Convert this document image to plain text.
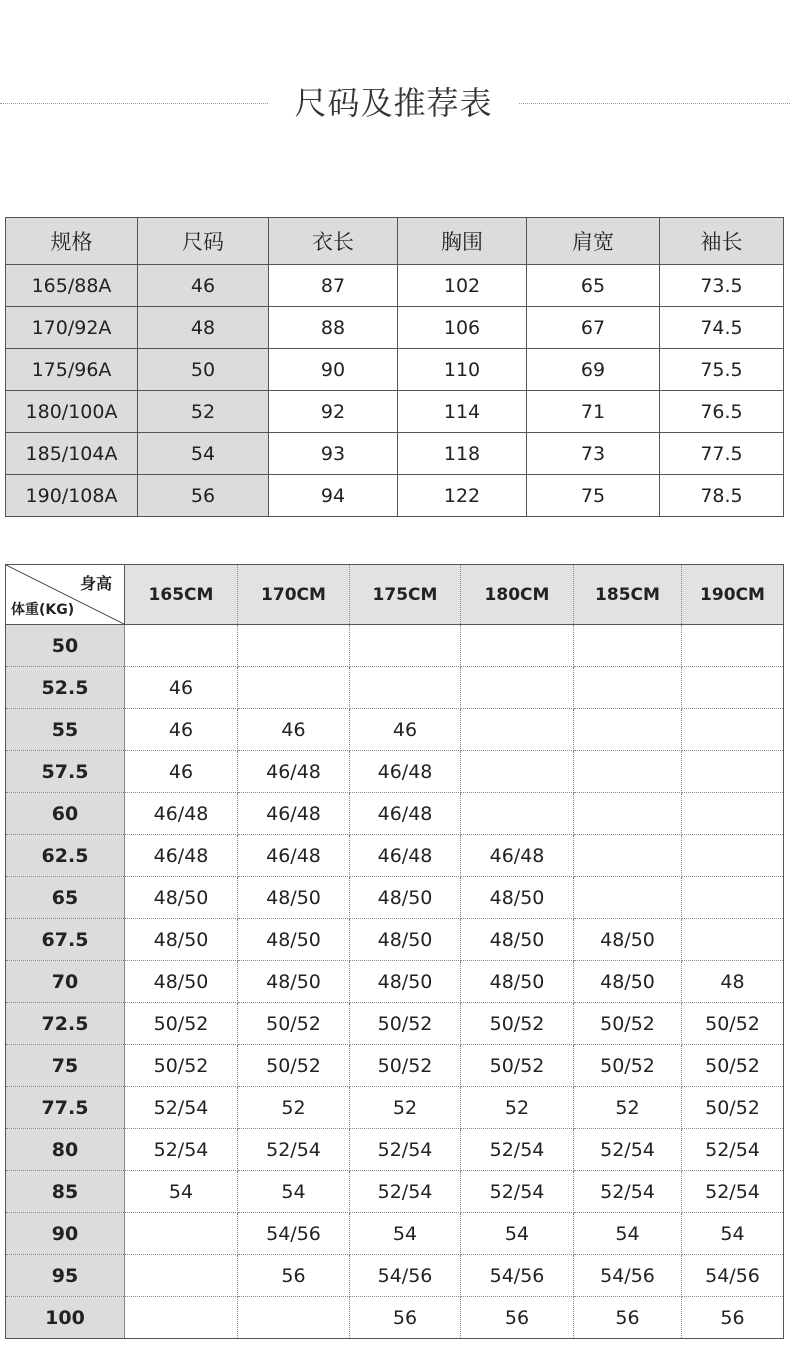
尺码及推荐表
规格	尺码	衣长	胸围	肩宽	袖长
165/88A	46	87	102	65	73.5
170/92A	48	88	106	67	74.5
175/96A	50	90	110	69	75.5
180/100A	52	92	114	71	76.5
185/104A	54	93	118	73	77.5
190/108A	56	94	122	75	78.5
身高
体重(KG)	165CM	170CM	175CM	180CM	185CM	190CM
50						
52.5	46					
55	46	46	46			
57.5	46	46/48	46/48			
60	46/48	46/48	46/48			
62.5	46/48	46/48	46/48	46/48		
65	48/50	48/50	48/50	48/50		
67.5	48/50	48/50	48/50	48/50	48/50	
70	48/50	48/50	48/50	48/50	48/50	48
72.5	50/52	50/52	50/52	50/52	50/52	50/52
75	50/52	50/52	50/52	50/52	50/52	50/52
77.5	52/54	52	52	52	52	50/52
80	52/54	52/54	52/54	52/54	52/54	52/54
85	54	54	52/54	52/54	52/54	52/54
90		54/56	54	54	54	54
95		56	54/56	54/56	54/56	54/56
100			56	56	56	56
